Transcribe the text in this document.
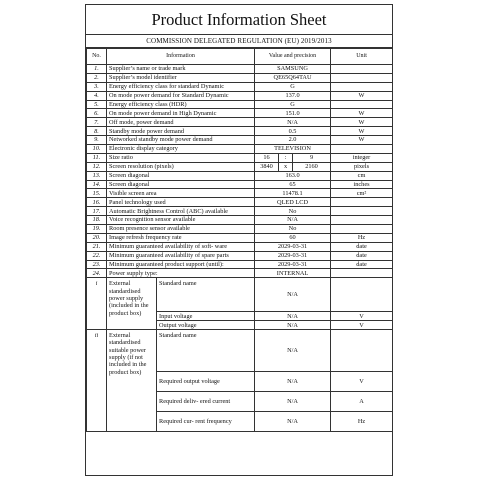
Product Information Sheet
COMMISSION DELEGATED REGULATION (EU) 2019/2013
No.	Information		Value and precision			Unit
1.	Supplier’s name or trade mark		SAMSUNG			
2.	Supplier’s model identifier		QE65Q64TAU			
3.	Energy efficiency class for standard Dynamic		G			
4.	On mode power demand for Standard Dynamic		137.0			W
5.	Energy efficiency class (HDR)		G			
6.	On mode power demand in High Dynamic		151.0			W
7.	Off mode, power demand		N/A			W
8.	Standby mode power demand		0.5			W
9.	Networked standby mode power demand		2.0			W
10.	Electronic display category		TELEVISION			
11.	Size ratio		16	:	9	integer
12.	Screen resolution (pixels)		3840	x	2160	pixels
13.	Screen diagonal		163.0			cm
14.	Screen diagonal		65			inches
15.	Visible screen area		11478.1			cm²
16.	Panel technology used		QLED LCD			
17.	Automatic Brightness Control (ABC) available		No			
18.	Voice recognition sensor available		N/A			
19.	Room presence sensor available		No			
20.	Image refresh frequency rate		60			Hz
21.	Minimum guaranteed availability of soft- ware		2029-03-31			date
22.	Minimum guaranteed availability of spare parts		2029-03-31			date
23.	Minimum guaranteed product support (until):		2029-03-31			date
24.	Power supply type:		INTERNAL			
i	External standardised power supply (included in the product box)	Standard name	N/A			
		Input voltage	N/A			V
		Output voltage	N/A			V
ii	External standardised suitable power supply (if not included in the product box)	Standard name	N/A			
		Required output voltage	N/A			V
		Required deliv- ered current	N/A			A
		Required cur- rent frequency	N/A			Hz
